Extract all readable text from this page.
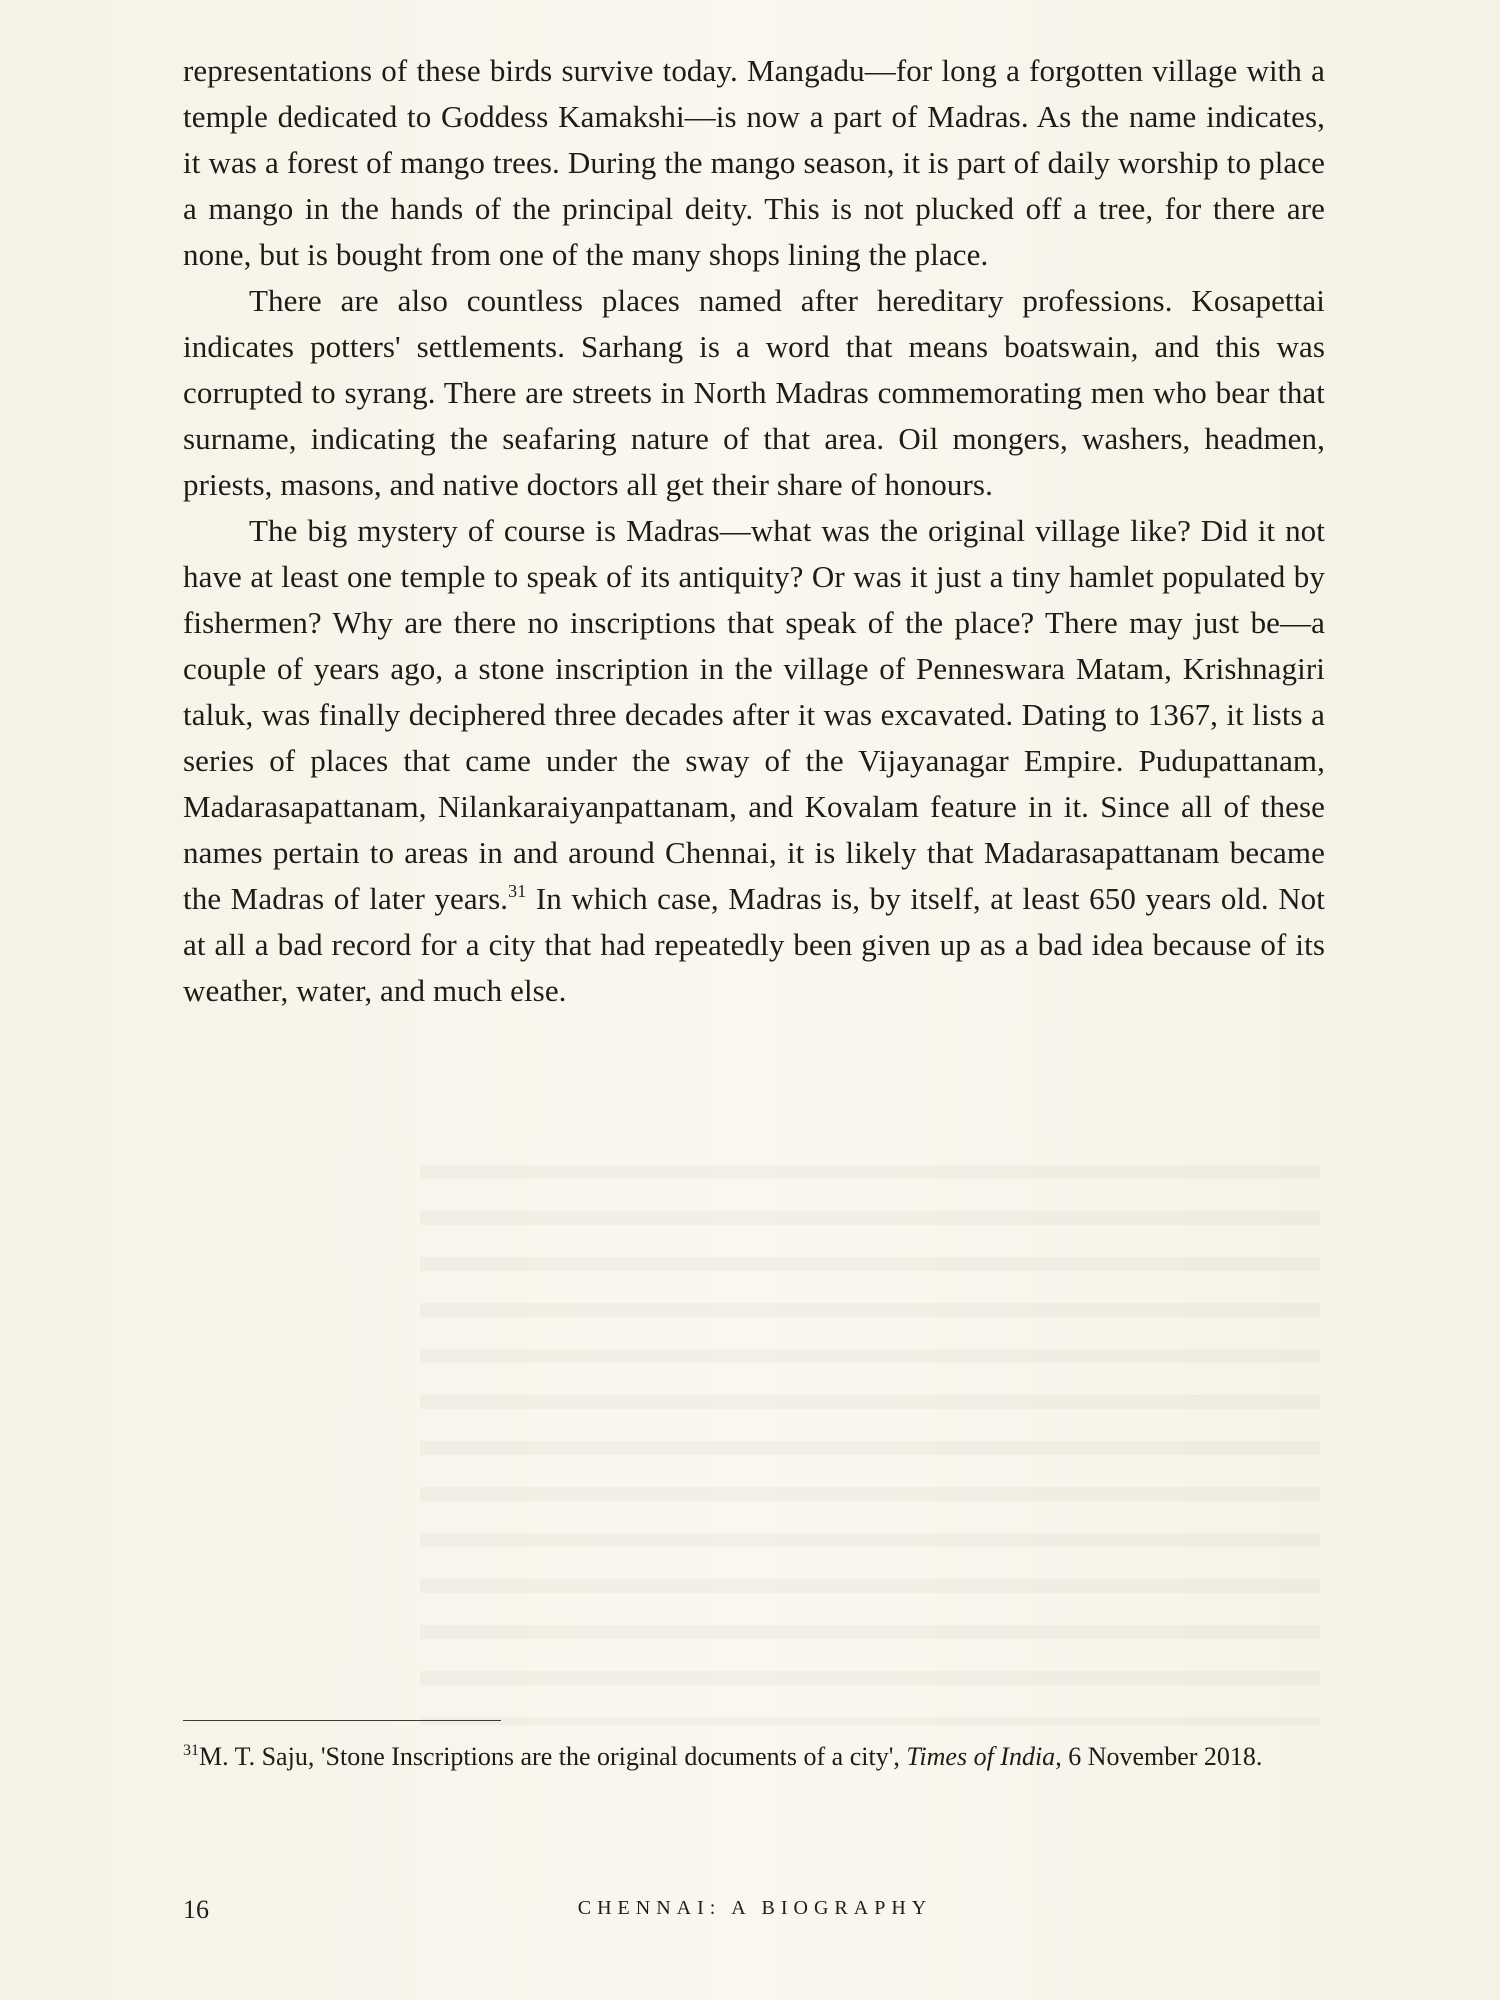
representations of these birds survive today. Mangadu—for long a forgotten village with a temple dedicated to Goddess Kamakshi—is now a part of Madras. As the name indicates, it was a forest of mango trees. During the mango season, it is part of daily worship to place a mango in the hands of the principal deity. This is not plucked off a tree, for there are none, but is bought from one of the many shops lining the place.

There are also countless places named after hereditary professions. Kosapettai indicates potters' settlements. Sarhang is a word that means boatswain, and this was corrupted to syrang. There are streets in North Madras commemorating men who bear that surname, indicating the seafaring nature of that area. Oil mongers, washers, headmen, priests, masons, and native doctors all get their share of honours.

The big mystery of course is Madras—what was the original village like? Did it not have at least one temple to speak of its antiquity? Or was it just a tiny hamlet populated by fishermen? Why are there no inscriptions that speak of the place? There may just be—a couple of years ago, a stone inscription in the village of Penneswara Matam, Krishnagiri taluk, was finally deciphered three decades after it was excavated. Dating to 1367, it lists a series of places that came under the sway of the Vijayanagar Empire. Pudupattanam, Madarasapattanam, Nilankaraiyanpattanam, and Kovalam feature in it. Since all of these names pertain to areas in and around Chennai, it is likely that Madarasapattanam became the Madras of later years.$^{31}$ In which case, Madras is, by itself, at least 650 years old. Not at all a bad record for a city that had repeatedly been given up as a bad idea because of its weather, water, and much else.

$^{31}$M. T. Saju, 'Stone Inscriptions are the original documents of a city', Times of India, 6 November 2018.
16	CHENNAI: A BIOGRAPHY
